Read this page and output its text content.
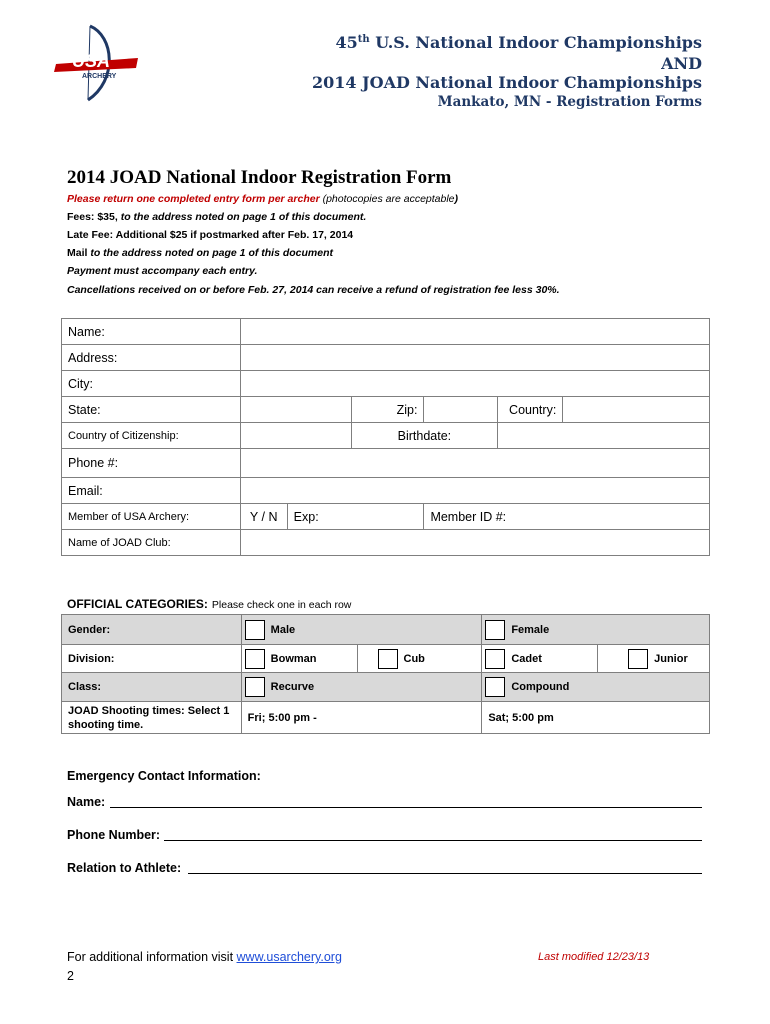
USA
ARCHERY
45th U.S. National Indoor Championships
AND
2014 JOAD National Indoor Championships
Mankato, MN - Registration Forms
2014 JOAD National Indoor Registration Form
Please return one completed entry form per archer (photocopies are acceptable)
Fees: $35, to the address noted on page 1 of this document.
Late Fee: Additional $25 if postmarked after Feb. 17, 2014
Mail to the address noted on page 1 of this document
Payment must accompany each entry.
Cancellations received on or before Feb. 27, 2014 can receive a refund of registration fee less 30%.
Name:						
Address:						
City:						
State:			Zip:		Country:	
Country of Citizenship:			Birthdate:			
Phone #:						
Email:						
Member of USA Archery:	Y / N	Exp:		Member ID #:		
Name of JOAD Club:						
OFFICIAL CATEGORIES: Please check one in each row
Gender:	Male		Female	
Division:	Bowman	Cub	Cadet	Junior
Class:	Recurve		Compound	
JOAD Shooting times: Select 1 shooting time.	Fri; 5:00 pm -		Sat; 5:00 pm	
Emergency Contact Information:
Name:
Phone Number:
Relation to Athlete:
For additional information visit www.usarchery.org	Last modified 12/23/13
2
